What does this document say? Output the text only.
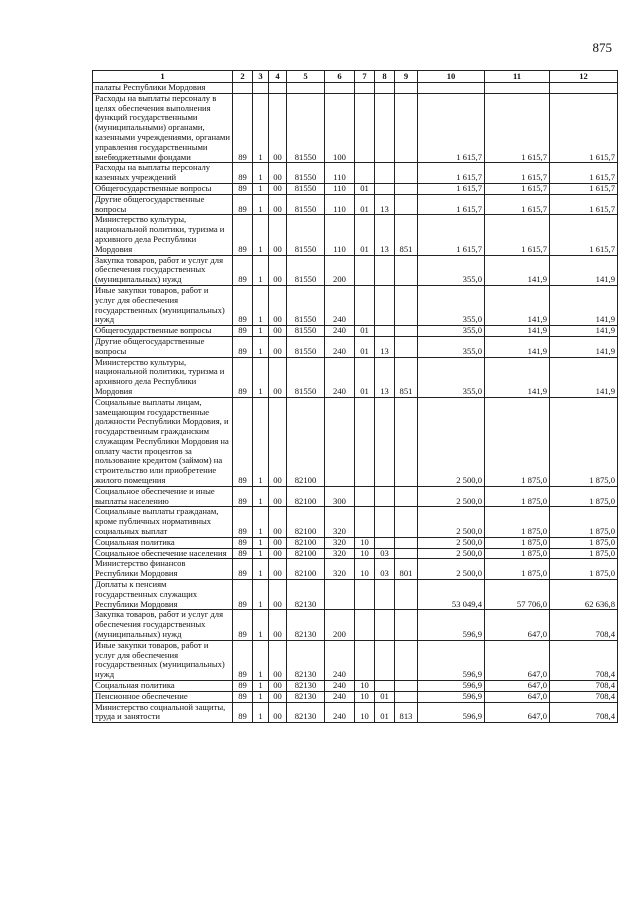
875
1	2	3	4	5	6	7	8	9	10	11	12
палаты Республики Мордовия											
Расходы на выплаты персоналу в целях обеспечения выполнения функций государственными (муниципальными) органами, казенными учреждениями, органами управления государственными внебюджетными фондами	89	1	00	81550	100				1 615,7	1 615,7	1 615,7
Расходы на выплаты персоналу казенных учреждений	89	1	00	81550	110				1 615,7	1 615,7	1 615,7
Общегосударственные вопросы	89	1	00	81550	110	01			1 615,7	1 615,7	1 615,7
Другие общегосударственные вопросы	89	1	00	81550	110	01	13		1 615,7	1 615,7	1 615,7
Министерство культуры, национальной политики, туризма и архивного дела Республики Мордовия	89	1	00	81550	110	01	13	851	1 615,7	1 615,7	1 615,7
Закупка товаров, работ и услуг для обеспечения государственных (муниципальных) нужд	89	1	00	81550	200				355,0	141,9	141,9
Иные закупки товаров, работ и услуг для обеспечения государственных (муниципальных) нужд	89	1	00	81550	240				355,0	141,9	141,9
Общегосударственные вопросы	89	1	00	81550	240	01			355,0	141,9	141,9
Другие общегосударственные вопросы	89	1	00	81550	240	01	13		355,0	141,9	141,9
Министерство культуры, национальной политики, туризма и архивного дела Республики Мордовия	89	1	00	81550	240	01	13	851	355,0	141,9	141,9
Социальные выплаты лицам, замещающим государственные должности Республики Мордовия, и государственным гражданским служащим Республики Мордовия на оплату части процентов за пользование кредитом (займом) на строительство или приобретение жилого помещения	89	1	00	82100					2 500,0	1 875,0	1 875,0
Социальное обеспечение и иные выплаты населению	89	1	00	82100	300				2 500,0	1 875,0	1 875,0
Социальные выплаты гражданам, кроме публичных нормативных социальных выплат	89	1	00	82100	320				2 500,0	1 875,0	1 875,0
Социальная политика	89	1	00	82100	320	10			2 500,0	1 875,0	1 875,0
Социальное обеспечение населения	89	1	00	82100	320	10	03		2 500,0	1 875,0	1 875,0
Министерство финансов Республики Мордовия	89	1	00	82100	320	10	03	801	2 500,0	1 875,0	1 875,0
Доплаты к пенсиям государственных служащих Республики Мордовия	89	1	00	82130					53 049,4	57 706,0	62 636,8
Закупка товаров, работ и услуг для обеспечения государственных (муниципальных) нужд	89	1	00	82130	200				596,9	647,0	708,4
Иные закупки товаров, работ и услуг для обеспечения государственных (муниципальных) нужд	89	1	00	82130	240				596,9	647,0	708,4
Социальная политика	89	1	00	82130	240	10			596,9	647,0	708,4
Пенсионное обеспечение	89	1	00	82130	240	10	01		596,9	647,0	708,4
Министерство социальной защиты, труда и занятости	89	1	00	82130	240	10	01	813	596,9	647,0	708,4
